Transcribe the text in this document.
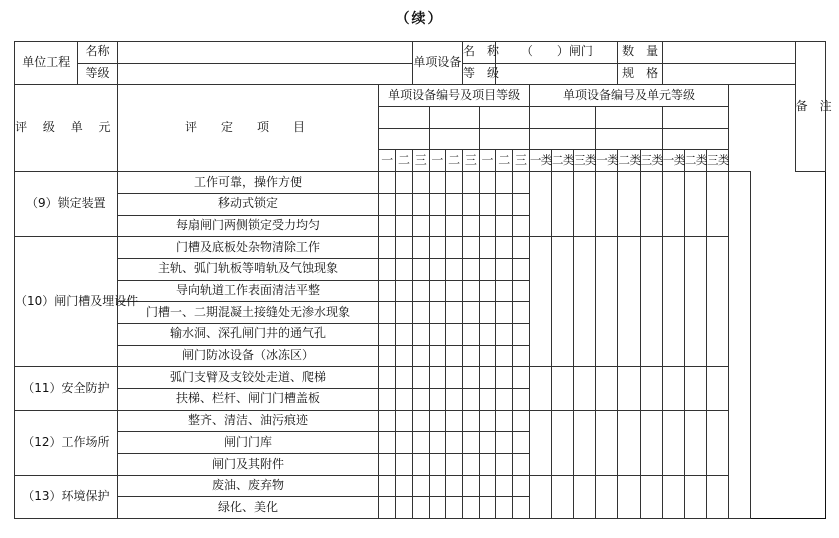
（续）
单位工程	名称				单项设备			名　称		（　　）闸门						数　量						备　注
	等级							等　级								规　格						
评 级 单 元		评　定　项　目	单项设备编号及项目等级									单项设备编号及单元等级										

			一	二	三	一	二	三	一	二	三	一类	二类	三类	一类	二类	三类	一类	二类	三类		
（9）锁定装置		工作可靠，操作方便																				
		移动式锁定																				
		每扇闸门两侧锁定受力均匀																				
（10）闸门槽及埋设件		门槽及底板处杂物清除工作																				
		主轨、弧门轨板等啃轨及气蚀现象																				
		导向轨道工作表面清洁平整																				
		门槽一、二期混凝土接缝处无渗水现象																				
		输水洞、深孔闸门井的通气孔																				
		闸门防冰设备（冰冻区）																				
（11）安全防护		弧门支臂及支铰处走道、爬梯																				
		扶梯、栏杆、闸门门槽盖板																				
（12）工作场所		整齐、清洁、油污痕迹																				
		闸门门库																				
		闸门及其附件																				
（13）环境保护		废油、废弃物																				
		绿化、美化																				
